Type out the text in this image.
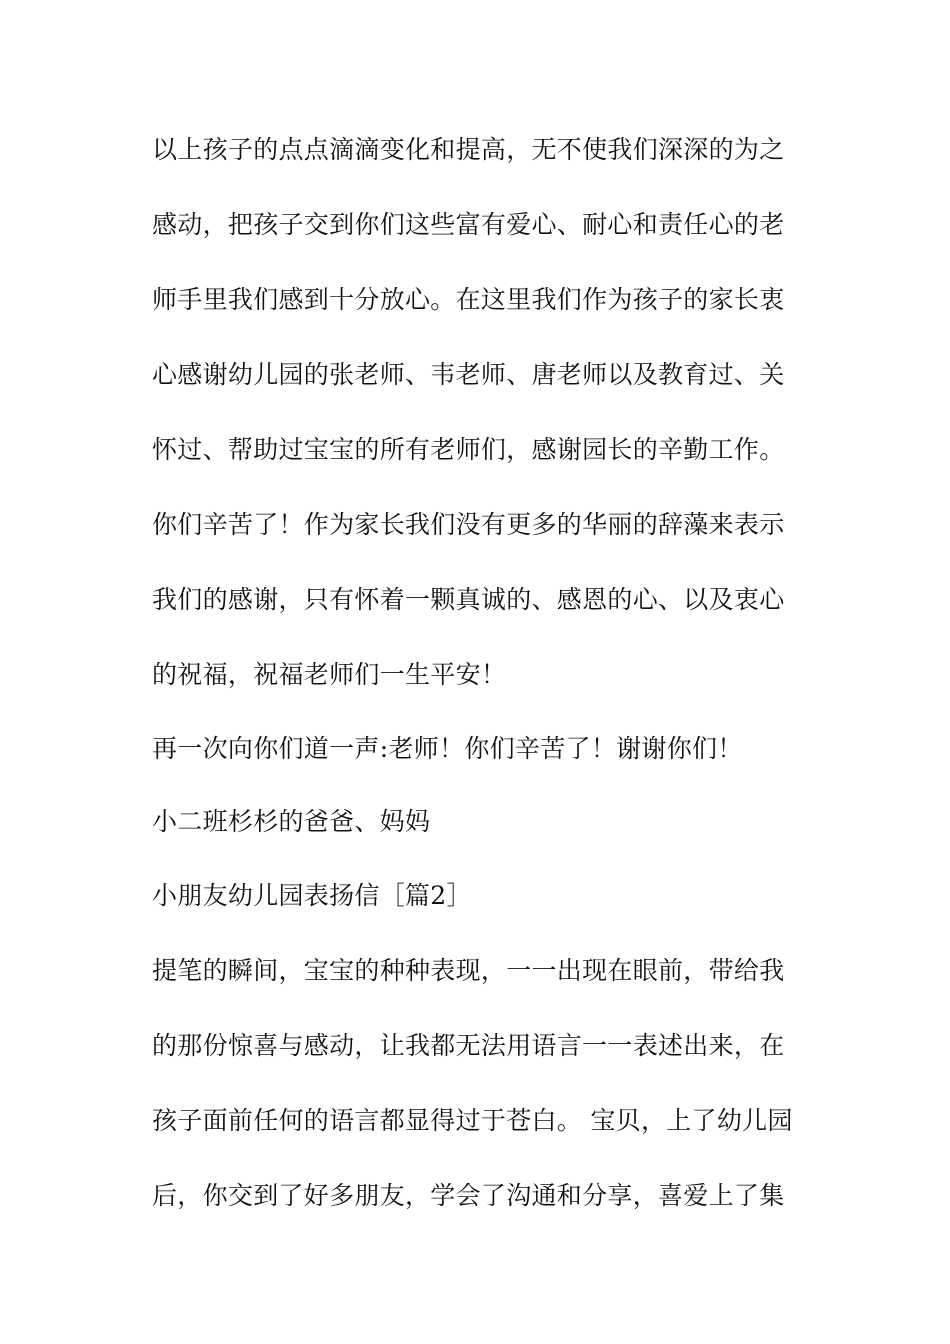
以上孩子的点点滴滴变化和提高，无不使我们深深的为之
感动，把孩子交到你们这些富有爱心、耐心和责任心的老
师手里我们感到十分放心。在这里我们作为孩子的家长衷
心感谢幼儿园的张老师、韦老师、唐老师以及教育过、关
怀过、帮助过宝宝的所有老师们，感谢园长的辛勤工作。
你们辛苦了！作为家长我们没有更多的华丽的辞藻来表示
我们的感谢，只有怀着一颗真诚的、感恩的心、以及衷心
的祝福，祝福老师们一生平安！
再一次向你们道一声:老师！你们辛苦了！谢谢你们！
小二班杉杉的爸爸、妈妈
小朋友幼儿园表扬信［篇2］
提笔的瞬间，宝宝的种种表现，一一出现在眼前，带给我
的那份惊喜与感动，让我都无法用语言一一表述出来，在
孩子面前任何的语言都显得过于苍白。 宝贝，上了幼儿园
后，你交到了好多朋友，学会了沟通和分享，喜爱上了集
